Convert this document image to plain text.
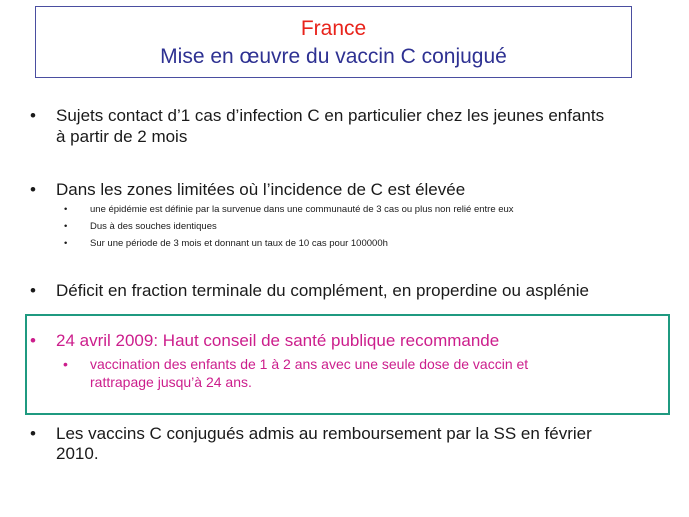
France
Mise en œuvre du vaccin C conjugué
•	Sujets contact d’1 cas d’infection C en particulier chez les jeunes enfants
à partir de 2 mois
•	Dans les zones limitées où l’incidence de C est élevée
• une épidémie est définie par la survenue dans une communauté de 3 cas ou plus non relié entre eux
• Dus à des souches identiques
• Sur une période de 3 mois et donnant un taux de 10 cas pour 100000h
•	Déficit en fraction terminale du complément, en properdine ou asplénie
•	24 avril 2009: Haut conseil de santé publique recommande
• vaccination des enfants de 1 à 2 ans avec une seule dose de vaccin et
rattrapage jusqu’à 24 ans.
•	Les vaccins C conjugués admis au remboursement par la SS en février
2010.
